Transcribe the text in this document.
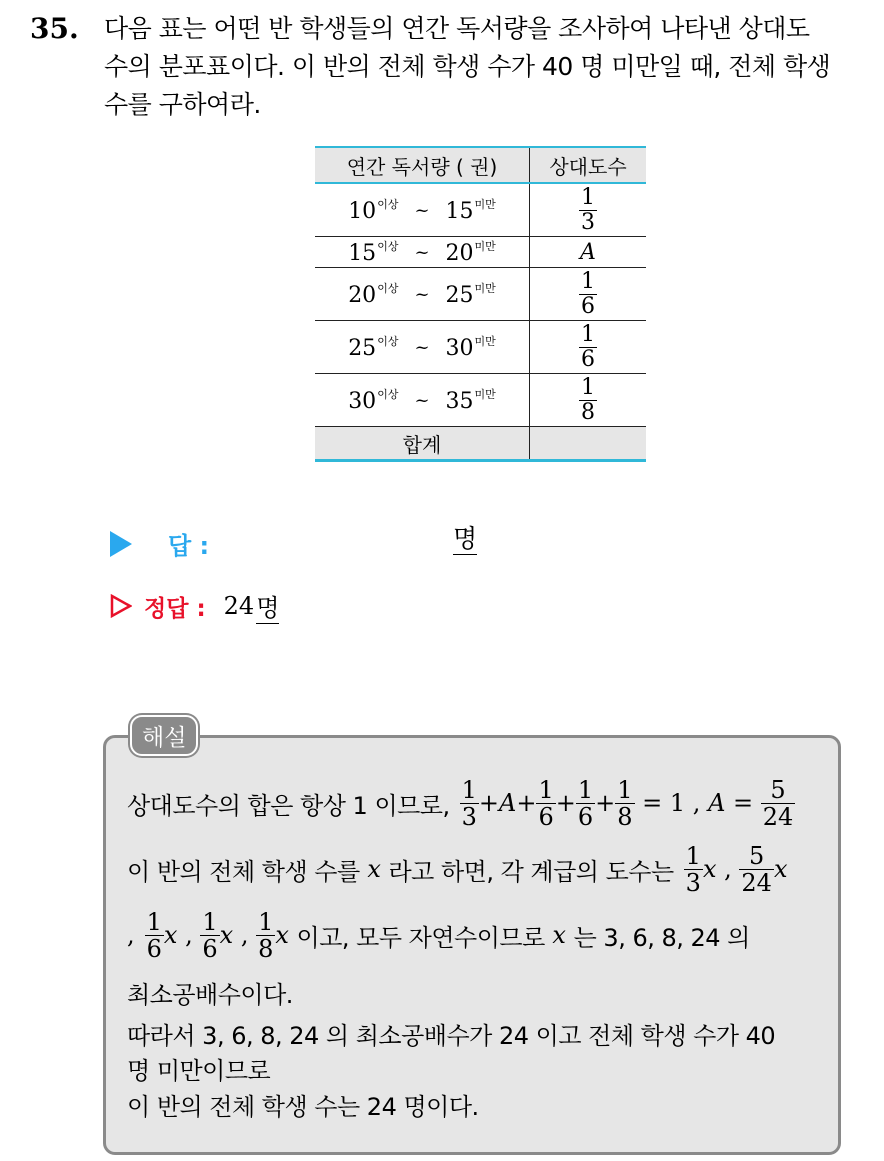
35. 다음 표는 어떤 반 학생들의 연간 독서량을 조사하여 나타낸 상대도
수의 분포표이다. 이 반의 전체 학생 수가 40 명 미만일 때, 전체 학생
수를 구하여라.
연간 독서량 ( 권)	상대도수

$10^{이상}$ ~ $15^{미만}$	$\frac{1}{3}$

$15^{이상}$ ~ $20^{미만}$	A

$20^{이상}$ ~ $25^{미만}$	$\frac{1}{6}$

$25^{이상}$ ~ $30^{미만}$	$\frac{1}{6}$

$30^{이상}$ ~ $35^{미만}$	$\frac{1}{8}$

합계	
답 :	명
정답 : 24 명
해설
상대도수의 합은 항상 1 이므로, $\frac{1}{3} + A + \frac{1}{6} + \frac{1}{6} + \frac{1}{8} = 1$ , $A = \frac{5}{24}$
이 반의 전체 학생 수를
x
라고 하면, 각 계급의 도수는 $\frac{1}{3}$ x , $\frac{5}{24}$ x
, $\frac{1}{6}$ x , $\frac{1}{6}$ x , $\frac{1}{8}$ x
이고, 모두 자연수이므로
x
는 3, 6, 8, 24 의
최소공배수이다.
따라서 3, 6, 8, 24 의 최소공배수가 24 이고 전체 학생 수가 40
명 미만이므로
이 반의 전체 학생 수는 24 명이다.
